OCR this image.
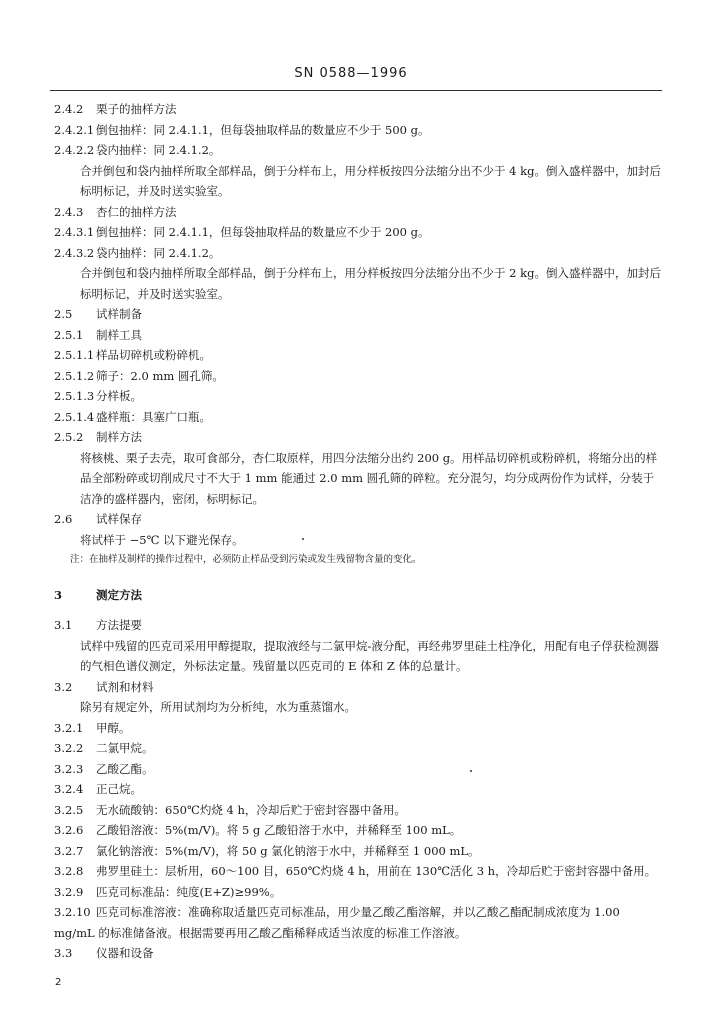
SN 0588—1996
2.4.2 栗子的抽样方法
2.4.2.1 倒包抽样：同 2.4.1.1，但每袋抽取样品的数量应不少于 500 g。
2.4.2.2 袋内抽样：同 2.4.1.2。
合并倒包和袋内抽样所取全部样品，倒于分样布上，用分样板按四分法缩分出不少于 4 kg。倒入盛样器中，加封后标明标记，并及时送实验室。
2.4.3 杏仁的抽样方法
2.4.3.1 倒包抽样：同 2.4.1.1，但每袋抽取样品的数量应不少于 200 g。
2.4.3.2 袋内抽样：同 2.4.1.2。
合并倒包和袋内抽样所取全部样品，倒于分样布上，用分样板按四分法缩分出不少于 2 kg。倒入盛样器中，加封后标明标记，并及时送实验室。
2.5 试样制备
2.5.1 制样工具
2.5.1.1 样品切碎机或粉碎机。
2.5.1.2 筛子：2.0 mm 圆孔筛。
2.5.1.3 分样板。
2.5.1.4 盛样瓶：具塞广口瓶。
2.5.2 制样方法
将核桃、栗子去壳，取可食部分，杏仁取原样，用四分法缩分出约 200 g。用样品切碎机或粉碎机，将缩分出的样品全部粉碎或切削成尺寸不大于 1 mm 能通过 2.0 mm 圆孔筛的碎粒。充分混匀，均分成两份作为试样，分装于洁净的盛样器内，密闭，标明标记。
2.6 试样保存
将试样于 −5℃ 以下避光保存。
注：在抽样及制样的操作过程中，必须防止样品受到污染或发生残留物含量的变化。
3	测定方法
3.1 方法提要
试样中残留的匹克司采用甲醇提取，提取液经与二氯甲烷-液分配，再经弗罗里硅土柱净化，用配有电子俘获检测器的气相色谱仪测定，外标法定量。残留量以匹克司的 E 体和 Z 体的总量计。
3.2 试剂和材料
除另有规定外，所用试剂均为分析纯，水为重蒸馏水。
3.2.1 甲醇。
3.2.2 二氯甲烷。
3.2.3 乙酸乙酯。
3.2.4 正己烷。
3.2.5 无水硫酸钠：650℃灼烧 4 h，冷却后贮于密封容器中备用。
3.2.6 乙酸铅溶液：5%(m/V)。将 5 g 乙酸铅溶于水中，并稀释至 100 mL。
3.2.7 氯化钠溶液：5%(m/V)，将 50 g 氯化钠溶于水中，并稀释至 1 000 mL。
3.2.8 弗罗里硅土：层析用，60～100 目，650℃灼烧 4 h，用前在 130℃活化 3 h，冷却后贮于密封容器中备用。
3.2.9 匹克司标准品：纯度(E+Z)≥99%。
3.2.10 匹克司标准溶液：准确称取适量匹克司标准品，用少量乙酸乙酯溶解，并以乙酸乙酯配制成浓度为 1.00 mg/mL 的标准储备液。根据需要再用乙酸乙酯稀释成适当浓度的标准工作溶液。
3.3 仪器和设备
2
